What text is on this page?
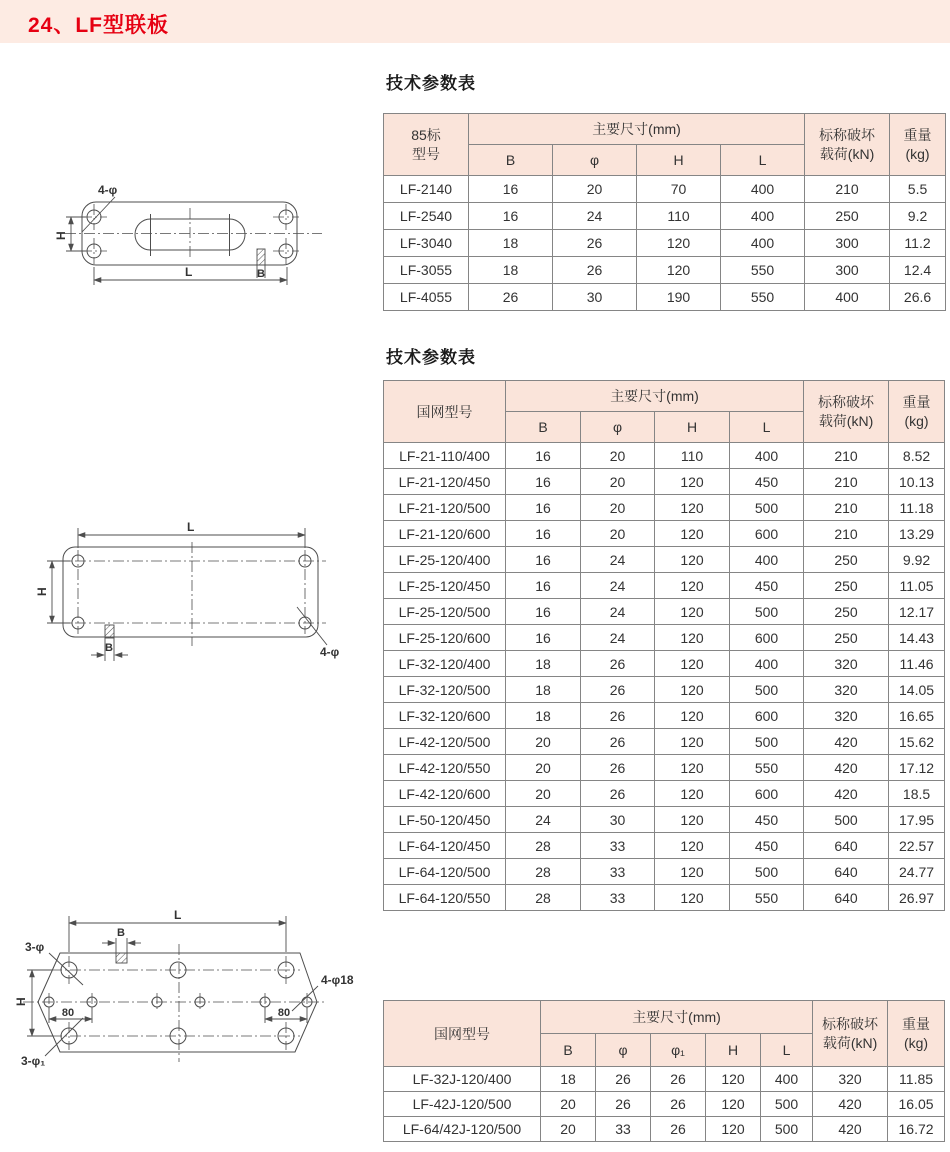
24、LF型联板
4-φ
H
L	B
L
H
B	4-φ
L
B
H
80	80
3-φ
3-φ₁
4-φ18
技术参数表
85标
型号	主要尺寸(mm)				标称破坏
载荷(kN)	重量
(kg)

	B	φ	H	L		
LF-2140	16	20	70	400	210	5.5
LF-2540	16	24	110	400	250	9.2
LF-3040	18	26	120	400	300	11.2
LF-3055	18	26	120	550	300	12.4
LF-4055	26	30	190	550	400	26.6
技术参数表
国网型号	主要尺寸(mm)				标称破坏
载荷(kN)	重量
(kg)

	B	φ	H	L		
LF-21-110/400	16	20	110	400	210	8.52
LF-21-120/450	16	20	120	450	210	10.13
LF-21-120/500	16	20	120	500	210	11.18
LF-21-120/600	16	20	120	600	210	13.29
LF-25-120/400	16	24	120	400	250	9.92
LF-25-120/450	16	24	120	450	250	11.05
LF-25-120/500	16	24	120	500	250	12.17
LF-25-120/600	16	24	120	600	250	14.43
LF-32-120/400	18	26	120	400	320	11.46
LF-32-120/500	18	26	120	500	320	14.05
LF-32-120/600	18	26	120	600	320	16.65
LF-42-120/500	20	26	120	500	420	15.62
LF-42-120/550	20	26	120	550	420	17.12
LF-42-120/600	20	26	120	600	420	18.5
LF-50-120/450	24	30	120	450	500	17.95
LF-64-120/450	28	33	120	450	640	22.57
LF-64-120/500	28	33	120	500	640	24.77
LF-64-120/550	28	33	120	550	640	26.97
国网型号	主要尺寸(mm)					标称破坏
载荷(kN)	重量
(kg)

	B	φ	φ₁	H	L		
LF-32J-120/400	18	26	26	120	400	320	11.85
LF-42J-120/500	20	26	26	120	500	420	16.05
LF-64/42J-120/500	20	33	26	120	500	420	16.72
